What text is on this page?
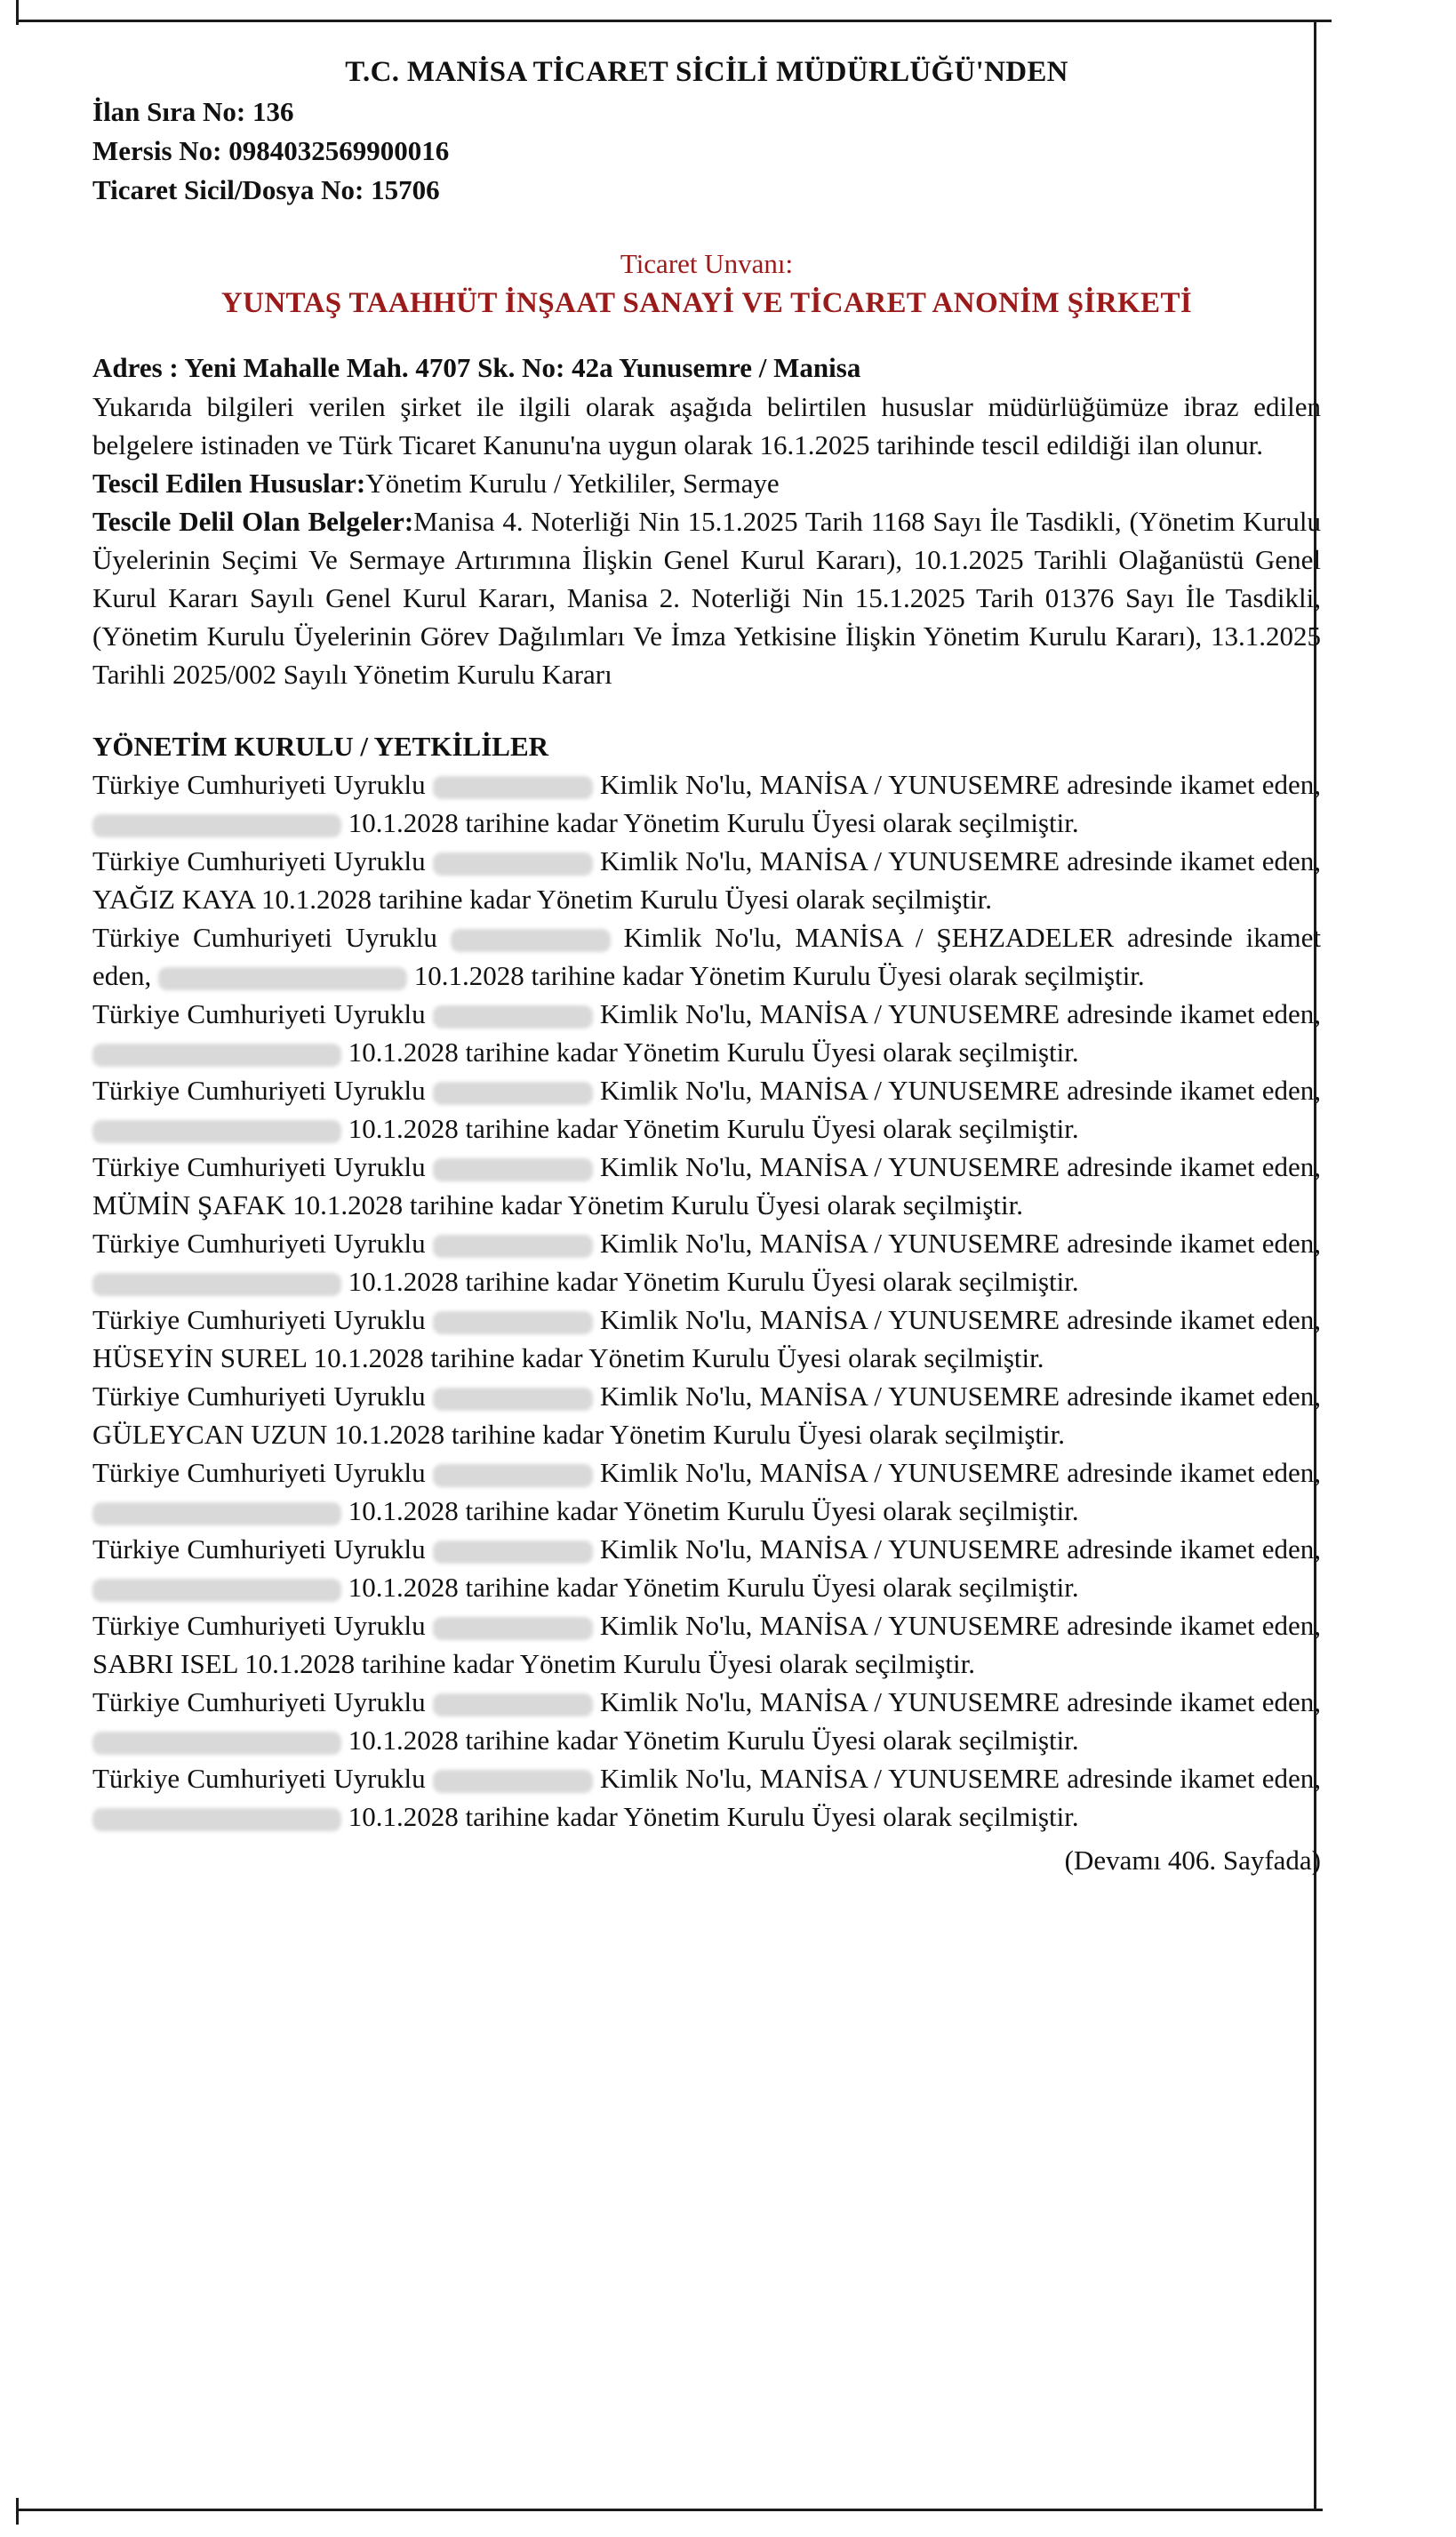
T.C. MANİSA TİCARET SİCİLİ MÜDÜRLÜĞÜ'NDEN
İlan Sıra No: 136
Mersis No: 0984032569900016
Ticaret Sicil/Dosya No: 15706
Ticaret Unvanı:
YUNTAŞ TAAHHÜT İNŞAAT SANAYİ VE TİCARET ANONİM ŞİRKETİ
Adres : Yeni Mahalle Mah. 4707 Sk. No: 42a Yunusemre / Manisa
Yukarıda bilgileri verilen şirket ile ilgili olarak aşağıda belirtilen hususlar müdürlüğümüze ibraz edilen belgelere istinaden ve Türk Ticaret Kanunu'na uygun olarak 16.1.2025 tarihinde tescil edildiği ilan olunur.
Tescil Edilen Hususlar:Yönetim Kurulu / Yetkililer, Sermaye
Tescile Delil Olan Belgeler:Manisa 4. Noterliği Nin 15.1.2025 Tarih 1168 Sayı İle Tasdikli, (Yönetim Kurulu Üyelerinin Seçimi Ve Sermaye Artırımına İlişkin Genel Kurul Kararı), 10.1.2025 Tarihli Olağanüstü Genel Kurul Kararı Sayılı Genel Kurul Kararı, Manisa 2. Noterliği Nin 15.1.2025 Tarih 01376 Sayı İle Tasdikli, (Yönetim Kurulu Üyelerinin Görev Dağılımları Ve İmza Yetkisine İlişkin Yönetim Kurulu Kararı), 13.1.2025 Tarihli 2025/002 Sayılı Yönetim Kurulu Kararı
YÖNETİM KURULU / YETKİLİLER
Türkiye Cumhuriyeti Uyruklu	Kimlik No'lu, MANİSA / YUNUSEMRE adresinde ikamet eden,  10.1.2028 tarihine kadar Yönetim Kurulu Üyesi olarak seçilmiştir.
Türkiye Cumhuriyeti Uyruklu	Kimlik No'lu, MANİSA / YUNUSEMRE adresinde ikamet eden, YAĞIZ KAYA 10.1.2028 tarihine kadar Yönetim Kurulu Üyesi olarak seçilmiştir.
Türkiye Cumhuriyeti Uyruklu	Kimlik No'lu, MANİSA / ŞEHZADELER adresinde ikamet eden,	10.1.2028 tarihine kadar Yönetim Kurulu Üyesi olarak seçilmiştir.
Türkiye Cumhuriyeti Uyruklu	Kimlik No'lu, MANİSA / YUNUSEMRE adresinde ikamet eden,  10.1.2028 tarihine kadar Yönetim Kurulu Üyesi olarak seçilmiştir.
Türkiye Cumhuriyeti Uyruklu	Kimlik No'lu, MANİSA / YUNUSEMRE adresinde ikamet eden,  10.1.2028 tarihine kadar Yönetim Kurulu Üyesi olarak seçilmiştir.
Türkiye Cumhuriyeti Uyruklu	Kimlik No'lu, MANİSA / YUNUSEMRE adresinde ikamet eden, MÜMİN ŞAFAK 10.1.2028 tarihine kadar Yönetim Kurulu Üyesi olarak seçilmiştir.
Türkiye Cumhuriyeti Uyruklu	Kimlik No'lu, MANİSA / YUNUSEMRE adresinde ikamet eden,  10.1.2028 tarihine kadar Yönetim Kurulu Üyesi olarak seçilmiştir.
Türkiye Cumhuriyeti Uyruklu	Kimlik No'lu, MANİSA / YUNUSEMRE adresinde ikamet eden, HÜSEYİN SUREL 10.1.2028 tarihine kadar Yönetim Kurulu Üyesi olarak seçilmiştir.
Türkiye Cumhuriyeti Uyruklu	Kimlik No'lu, MANİSA / YUNUSEMRE adresinde ikamet eden, GÜLEYCAN UZUN 10.1.2028 tarihine kadar Yönetim Kurulu Üyesi olarak seçilmiştir.
Türkiye Cumhuriyeti Uyruklu	Kimlik No'lu, MANİSA / YUNUSEMRE adresinde ikamet eden,  10.1.2028 tarihine kadar Yönetim Kurulu Üyesi olarak seçilmiştir.
Türkiye Cumhuriyeti Uyruklu	Kimlik No'lu, MANİSA / YUNUSEMRE adresinde ikamet eden,  10.1.2028 tarihine kadar Yönetim Kurulu Üyesi olarak seçilmiştir.
Türkiye Cumhuriyeti Uyruklu	Kimlik No'lu, MANİSA / YUNUSEMRE adresinde ikamet eden, SABRI ISEL 10.1.2028 tarihine kadar Yönetim Kurulu Üyesi olarak seçilmiştir.
Türkiye Cumhuriyeti Uyruklu	Kimlik No'lu, MANİSA / YUNUSEMRE adresinde ikamet eden,  10.1.2028 tarihine kadar Yönetim Kurulu Üyesi olarak seçilmiştir.
Türkiye Cumhuriyeti Uyruklu	Kimlik No'lu, MANİSA / YUNUSEMRE adresinde ikamet eden,  10.1.2028 tarihine kadar Yönetim Kurulu Üyesi olarak seçilmiştir.
(Devamı 406. Sayfada)
